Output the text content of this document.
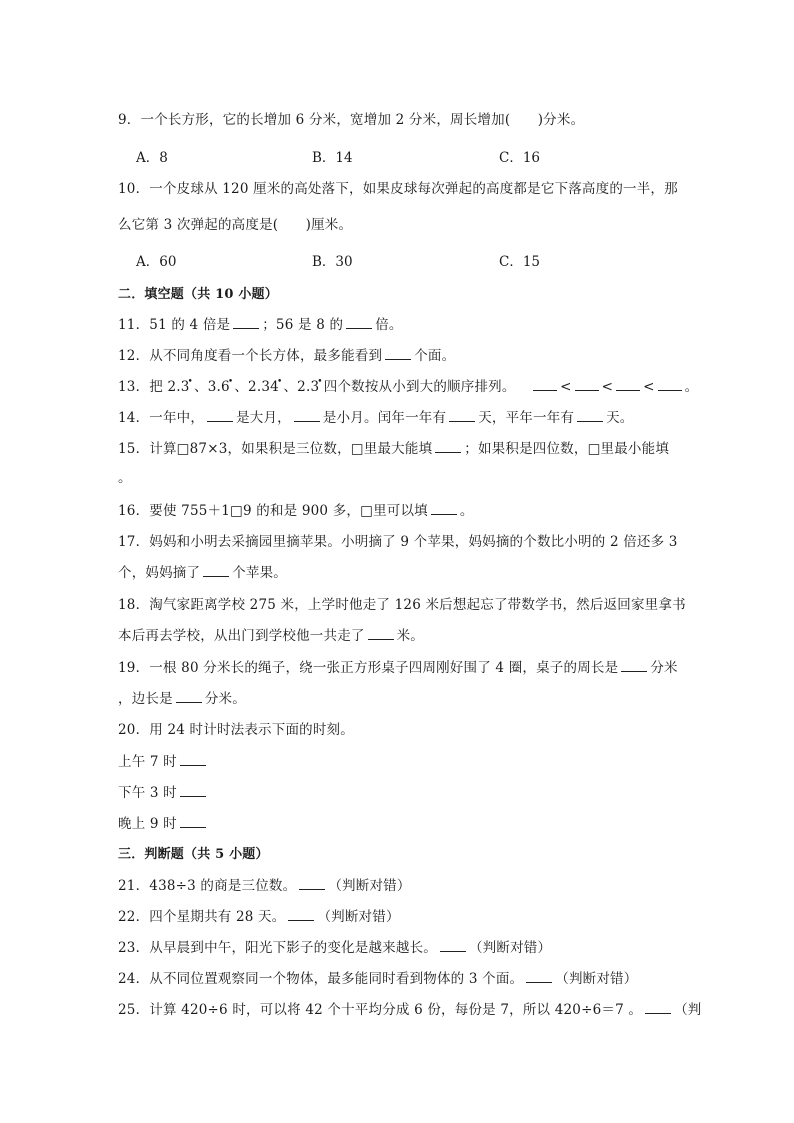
9．一个长方形，它的长增加 6 分米，宽增加 2 分米，周长增加(　　)分米。
A．8	B．14	C．16
10．一个皮球从 120 厘米的高处落下，如果皮球每次弹起的高度都是它下落高度的一半，那
么它第 3 次弹起的高度是(　　)厘米。
A．60	B．30	C．15
二．填空题（共 10 小题）
11．51 的 4 倍是 ；56 是 8 的 倍。
12．从不同角度看一个长方体，最多能看到 个面。
13．把 2.3•、3.6•、2.34•、2.3•四个数按从小到大的顺序排列。	< < < 。
14．一年中， 是大月， 是小月。闰年一年有 天，平年一年有 天。
15．计算□87×3，如果积是三位数，□里最大能填 ；如果积是四位数，□里最小能填
。
16．要使 755＋1□9 的和是 900 多，□里可以填 。
17．妈妈和小明去采摘园里摘苹果。小明摘了 9 个苹果，妈妈摘的个数比小明的 2 倍还多 3
个，妈妈摘了 个苹果。
18．淘气家距离学校 275 米，上学时他走了 126 米后想起忘了带数学书，然后返回家里拿书
本后再去学校，从出门到学校他一共走了 米。
19．一根 80 分米长的绳子，绕一张正方形桌子四周刚好围了 4 圈，桌子的周长是 分米
，边长是 分米。
20．用 24 时计时法表示下面的时刻。
上午 7 时
下午 3 时
晚上 9 时
三．判断题（共 5 小题）
21．438÷3 的商是三位数。 （判断对错）
22．四个星期共有 28 天。 （判断对错）
23．从早晨到中午，阳光下影子的变化是越来越长。 （判断对错）
24．从不同位置观察同一个物体，最多能同时看到物体的 3 个面。 （判断对错）
25．计算 420÷6 时，可以将 42 个十平均分成 6 份，每份是 7，所以 420÷6＝7 。 （判
